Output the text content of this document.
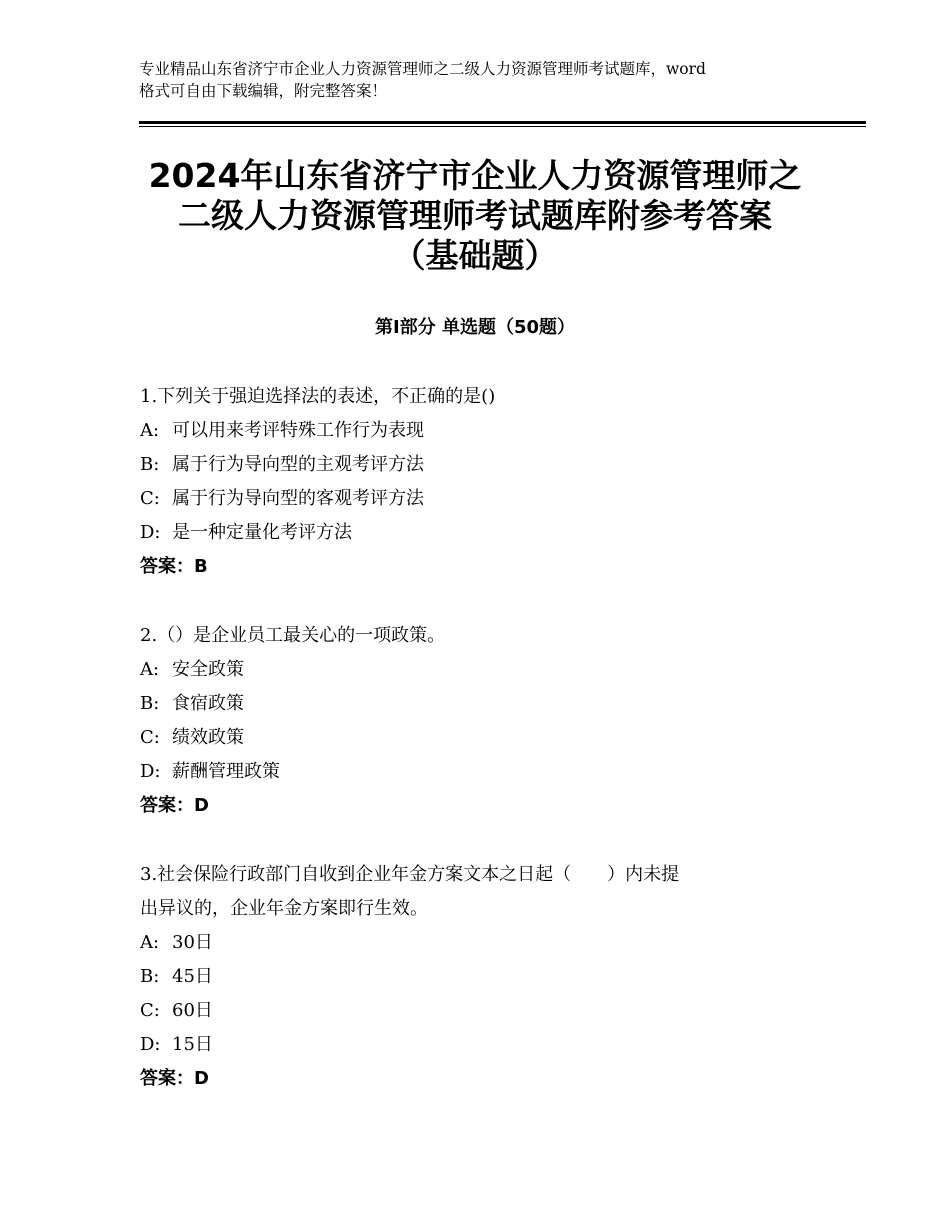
专业精品山东省济宁市企业人力资源管理师之二级人力资源管理师考试题库，word
格式可自由下载编辑，附完整答案！
2024年山东省济宁市企业人力资源管理师之
二级人力资源管理师考试题库附参考答案
（基础题）
第Ⅰ部分 单选题（50题）
1.下列关于强迫选择法的表述，不正确的是()
A: 可以用来考评特殊工作行为表现
B: 属于行为导向型的主观考评方法
C: 属于行为导向型的客观考评方法
D: 是一种定量化考评方法
答案：B
2.（）是企业员工最关心的一项政策。
A: 安全政策
B: 食宿政策
C: 绩效政策
D: 薪酬管理政策
答案：D
3.社会保险行政部门自收到企业年金方案文本之日起（　　）内未提
出异议的，企业年金方案即行生效。
A: 30日
B: 45日
C: 60日
D: 15日
答案：D
